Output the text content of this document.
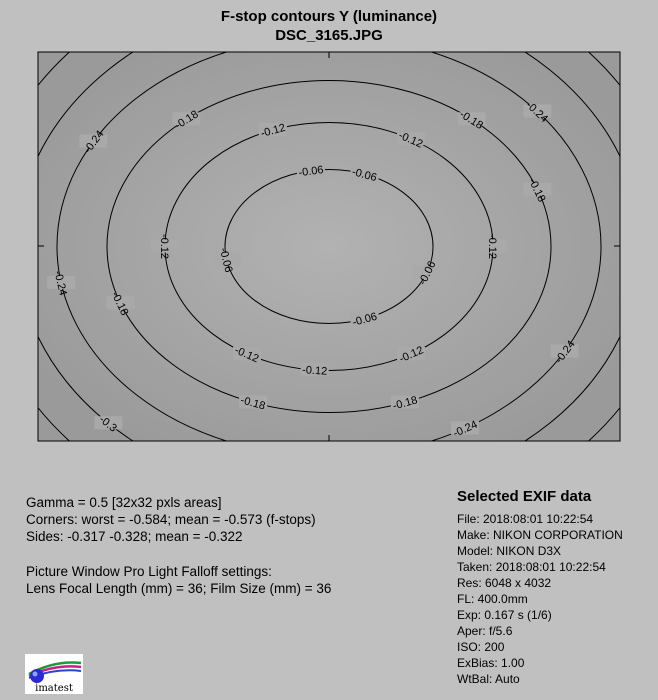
F-stop contours Y (luminance)
DSC_3165.JPG
-0.06
-0.06
-0.06
-0.06
-0.06
-0.12	-0.12
-0.12
-0.12
-0.12
-0.12
-0.12
-0.18	-0.18
-0.18
-0.18
-0.18	-0.18
-0.24
-0.24
-0.24
-0.24
-0.24
-0.3
Gamma = 0.5 [32x32 pxls areas]
Corners: worst = -0.584; mean = -0.573 (f-stops)
Sides: -0.317 -0.328; mean = -0.322
Picture Window Pro Light Falloff settings:
Lens Focal Length (mm) = 36; Film Size (mm) = 36
Selected EXIF data
File: 2018:08:01 10:22:54
Make: NIKON CORPORATION
Model: NIKON D3X
Taken: 2018:08:01 10:22:54
Res: 6048 x 4032
FL: 400.0mm
Exp: 0.167 s (1/6)
Aper: f/5.6
ISO: 200
ExBias: 1.00
WtBal: Auto
imatest
